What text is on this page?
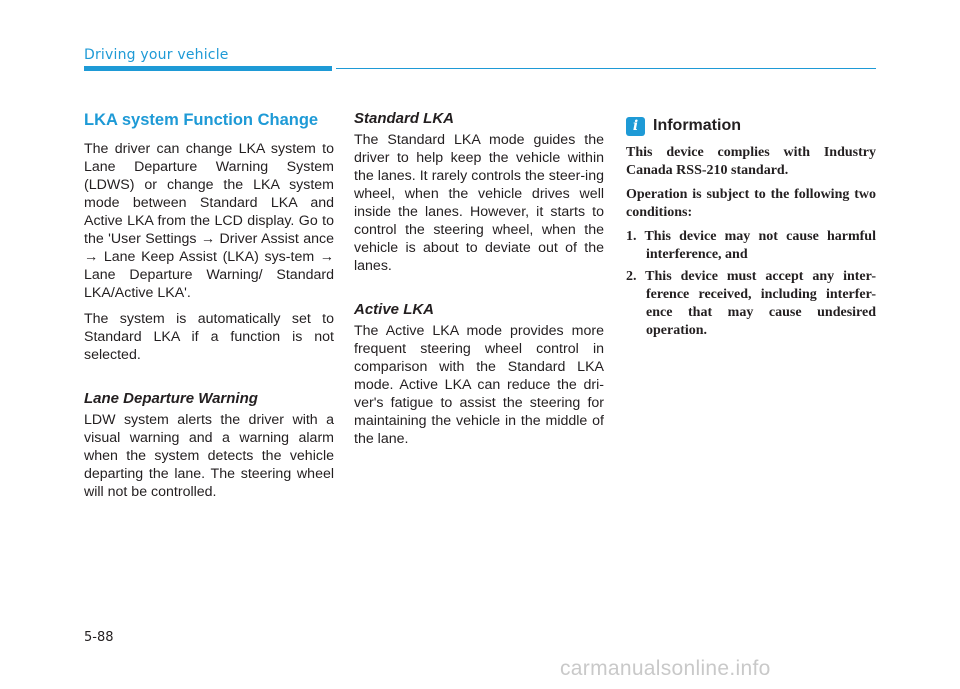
Driving your vehicle
LKA system Function Change

The driver can change LKA system to Lane Departure Warning System (LDWS) or change the LKA system mode between Standard LKA and Active LKA from the LCD display. Go to the 'User Settings → Driver Assist ance → Lane Keep Assist (LKA) sys-tem → Lane Departure Warning/ Standard LKA/Active LKA'.

The system is automatically set to Standard LKA if a function is not selected.

Lane Departure Warning

LDW system alerts the driver with a visual warning and a warning alarm when the system detects the vehicle departing the lane. The steering wheel will not be controlled.

Standard LKA

The Standard LKA mode guides the driver to help keep the vehicle within the lanes. It rarely controls the steer-ing wheel, when the vehicle drives well inside the lanes. However, it starts to control the steering wheel, when the vehicle is about to deviate out of the lanes.

Active LKA

The Active LKA mode provides more frequent steering wheel control in comparison with the Standard LKA mode. Active LKA can reduce the dri-ver's fatigue to assist the steering for maintaining the vehicle in the middle of the lane.

i Information

This device complies with Industry Canada RSS-210 standard.

Operation is subject to the following two conditions:

1. This device may not cause harmful interference, and
2. This device must accept any inter-ference received, including interfer-ence that may cause undesired operation.
5-88
carmanualsonline.info
